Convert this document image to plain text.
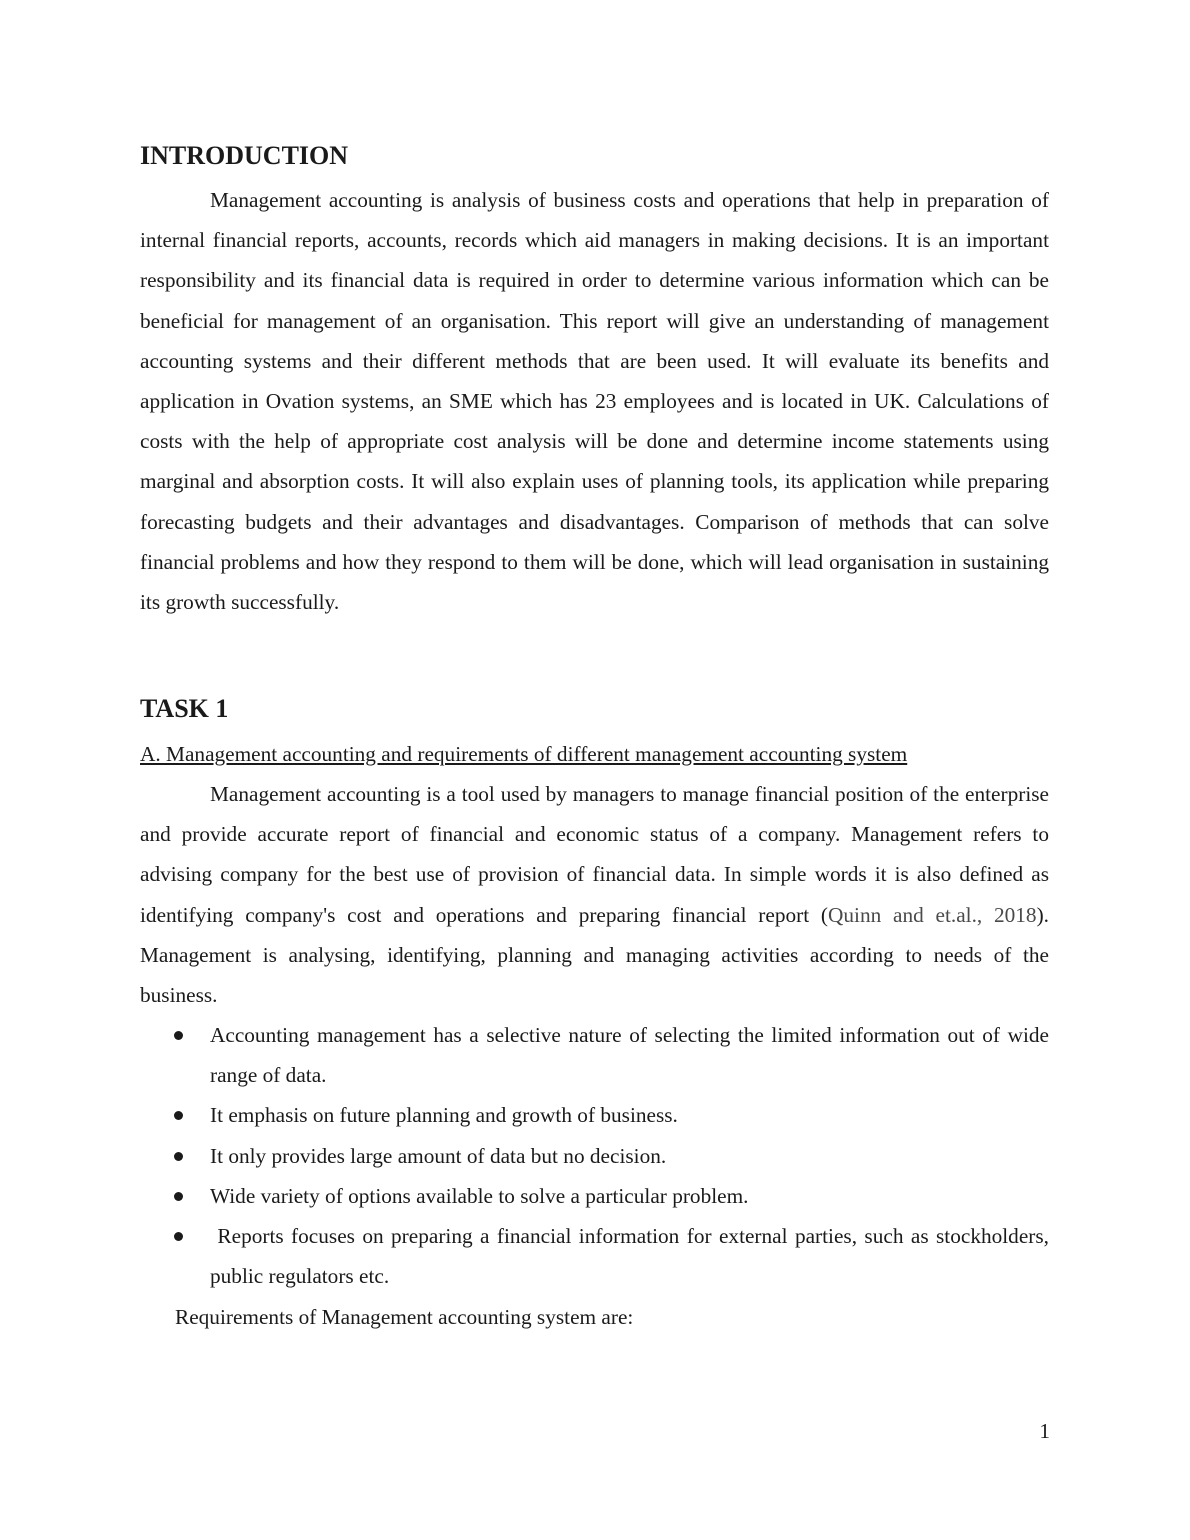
INTRODUCTION

Management accounting is analysis of business costs and operations that help in preparation of internal financial reports, accounts, records which aid managers in making decisions. It is an important responsibility and its financial data is required in order to determine various information which can be beneficial for management of an organisation. This report will give an understanding of management accounting systems and their different methods that are been used. It will evaluate its benefits and application in Ovation systems, an SME which has 23 employees and is located in UK. Calculations of costs with the help of appropriate cost analysis will be done and determine income statements using marginal and absorption costs. It will also explain uses of planning tools, its application while preparing forecasting budgets and their advantages and disadvantages. Comparison of methods that can solve financial problems and how they respond to them will be done, which will lead organisation in sustaining its growth successfully.

TASK 1

A. Management accounting and requirements of different management accounting system

Management accounting is a tool used by managers to manage financial position of the enterprise and provide accurate report of financial and economic status of a company. Management refers to advising company for the best use of provision of financial data. In simple words it is also defined as identifying company's cost and operations and preparing financial report (Quinn and et.al., 2018). Management is analysing, identifying, planning and managing activities according to needs of the business.

Accounting management has a selective nature of selecting the limited information out of wide range of data.
It emphasis on future planning and growth of business.
It only provides large amount of data but no decision.
Wide variety of options available to solve a particular problem.
Reports focuses on preparing a financial information for external parties, such as stockholders, public regulators etc.

Requirements of Management accounting system are:

1
